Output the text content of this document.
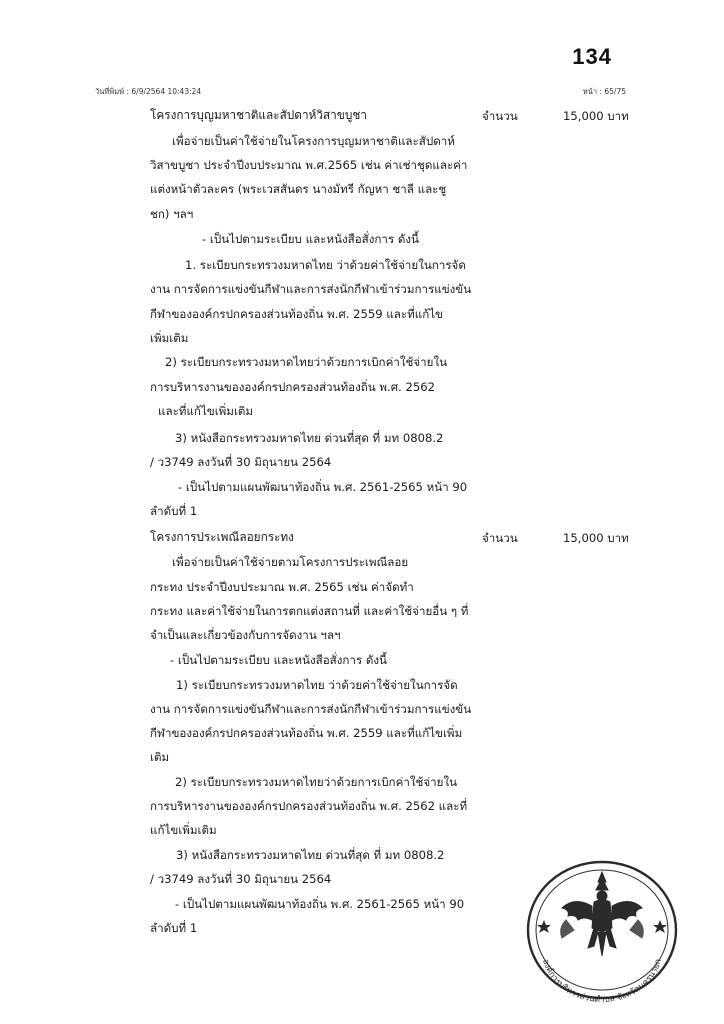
134
วันที่พิมพ์ : 6/9/2564 10:43:24	หน้า : 65/75
โครงการบุญมหาชาติและสัปดาห์วิสาขบูชา	จำนวน	15,000 บาท
เพื่อจ่ายเป็นค่าใช้จ่ายในโครงการบุญมหาชาติและสัปดาห์
วิสาขบูชา ประจำปีงบประมาณ พ.ศ.2565 เช่น ค่าเช่าชุดและค่า
แต่งหน้าตัวละคร (พระเวสสันดร นางมัทรี กัญหา ชาลี และชู
ชก) ฯลฯ
- เป็นไปตามระเบียบ และหนังสือสั่งการ ดังนี้
1. ระเบียบกระทรวงมหาดไทย ว่าด้วยค่าใช้จ่ายในการจัด
งาน การจัดการแข่งขันกีฬาและการส่งนักกีฬาเข้าร่วมการแข่งขัน
กีฬาขององค์กรปกครองส่วนท้องถิ่น พ.ศ. 2559 และที่แก้ไข
เพิ่มเติม
2) ระเบียบกระทรวงมหาดไทยว่าด้วยการเบิกค่าใช้จ่ายใน
การบริหารงานขององค์กรปกครองส่วนท้องถิ่น พ.ศ. 2562
และที่แก้ไขเพิ่มเติม
3) หนังสือกระทรวงมหาดไทย ด่วนที่สุด ที่ มท 0808.2
/ ว3749 ลงวันที่ 30 มิถุนายน 2564
- เป็นไปตามแผนพัฒนาท้องถิ่น พ.ศ. 2561-2565 หน้า 90
ลำดับที่ 1
โครงการประเพณีลอยกระทง	จำนวน	15,000 บาท
เพื่อจ่ายเป็นค่าใช้จ่ายตามโครงการประเพณีลอย
กระทง ประจำปีงบประมาณ พ.ศ. 2565 เช่น ค่าจัดทำ
กระทง และค่าใช้จ่ายในการตกแต่งสถานที่ และค่าใช้จ่ายอื่น ๆ ที่
จำเป็นและเกี่ยวข้องกับการจัดงาน ฯลฯ
- เป็นไปตามระเบียบ และหนังสือสั่งการ ดังนี้
1) ระเบียบกระทรวงมหาดไทย ว่าด้วยค่าใช้จ่ายในการจัด
งาน การจัดการแข่งขันกีฬาและการส่งนักกีฬาเข้าร่วมการแข่งขัน
กีฬาขององค์กรปกครองส่วนท้องถิ่น พ.ศ. 2559 และที่แก้ไขเพิ่ม
เติม
2) ระเบียบกระทรวงมหาดไทยว่าด้วยการเบิกค่าใช้จ่ายใน
การบริหารงานขององค์กรปกครองส่วนท้องถิ่น พ.ศ. 2562 และที่
แก้ไขเพิ่มเติม
3) หนังสือกระทรวงมหาดไทย ด่วนที่สุด ที่ มท 0808.2
/ ว3749 ลงวันที่ 30 มิถุนายน 2564
- เป็นไปตามแผนพัฒนาท้องถิ่น พ.ศ. 2561-2565 หน้า 90
ลำดับที่ 1
องค์การบริหารส่วนตำบล จังหวัดนครนายก
